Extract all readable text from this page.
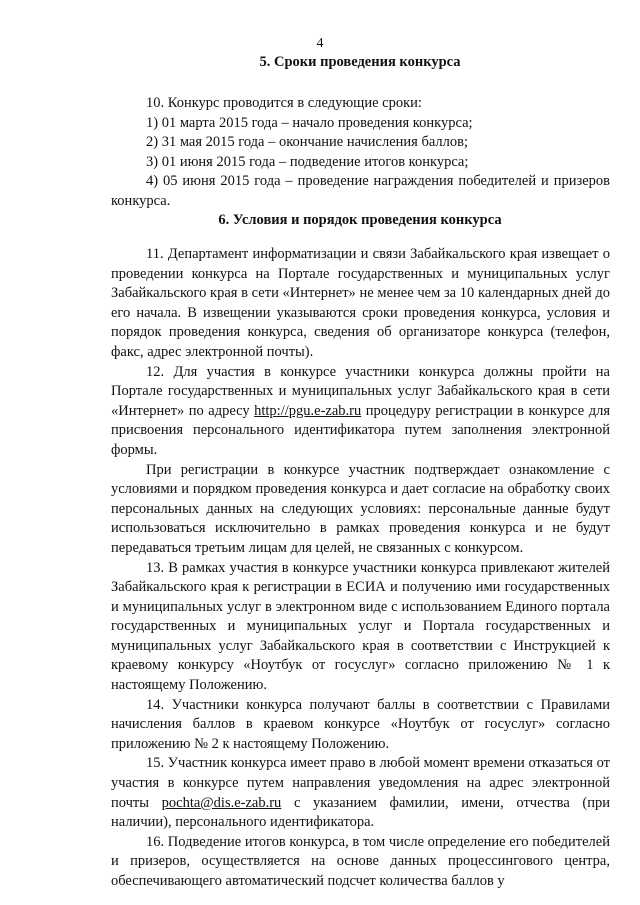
4
5. Сроки проведения конкурса

10. Конкурс проводится в следующие сроки:

1) 01 марта 2015 года – начало проведения конкурса;

2) 31 мая 2015 года – окончание начисления баллов;

3) 01 июня 2015 года – подведение итогов конкурса;

4) 05 июня 2015 года – проведение награждения победителей и призеров конкурса.

6. Условия и порядок проведения конкурса

11. Департамент информатизации и связи Забайкальского края извещает о проведении конкурса на Портале государственных и муниципальных услуг Забайкальского края в сети «Интернет» не менее чем за 10 календарных дней до его начала. В извещении указываются сроки проведения конкурса, условия и порядок проведения конкурса, сведения об организаторе конкурса (телефон, факс, адрес электронной почты).

12. Для участия в конкурсе участники конкурса должны пройти на Портале государственных и муниципальных услуг Забайкальского края в сети «Интернет» по адресу http://pgu.e-zab.ru процедуру регистрации в конкурсе для присвоения персонального идентификатора путем заполнения электронной формы.

При регистрации в конкурсе участник подтверждает ознакомление с условиями и порядком проведения конкурса и дает согласие на обработку своих персональных данных на следующих условиях: персональные данные будут использоваться исключительно в рамках проведения конкурса и не будут передаваться третьим лицам для целей, не связанных с конкурсом.

13. В рамках участия в конкурсе участники конкурса привлекают жителей Забайкальского края к регистрации в ЕСИА и получению ими государственных и муниципальных услуг в электронном виде с использованием Единого портала государственных и муниципальных услуг и Портала государственных и муниципальных услуг Забайкальского края в соответствии с Инструкцией к краевому конкурсу «Ноутбук от госуслуг» согласно приложению № 1 к настоящему Положению.

14. Участники конкурса получают баллы в соответствии с Правилами начисления баллов в краевом конкурсе «Ноутбук от госуслуг» согласно приложению № 2 к настоящему Положению.

15. Участник конкурса имеет право в любой момент времени отказаться от участия в конкурсе путем направления уведомления на адрес электронной почты pochta@dis.e-zab.ru с указанием фамилии, имени, отчества (при наличии), персонального идентификатора.

16. Подведение итогов конкурса, в том числе определение его победителей и призеров, осуществляется на основе данных процессингового центра, обеспечивающего автоматический подсчет количества баллов у
